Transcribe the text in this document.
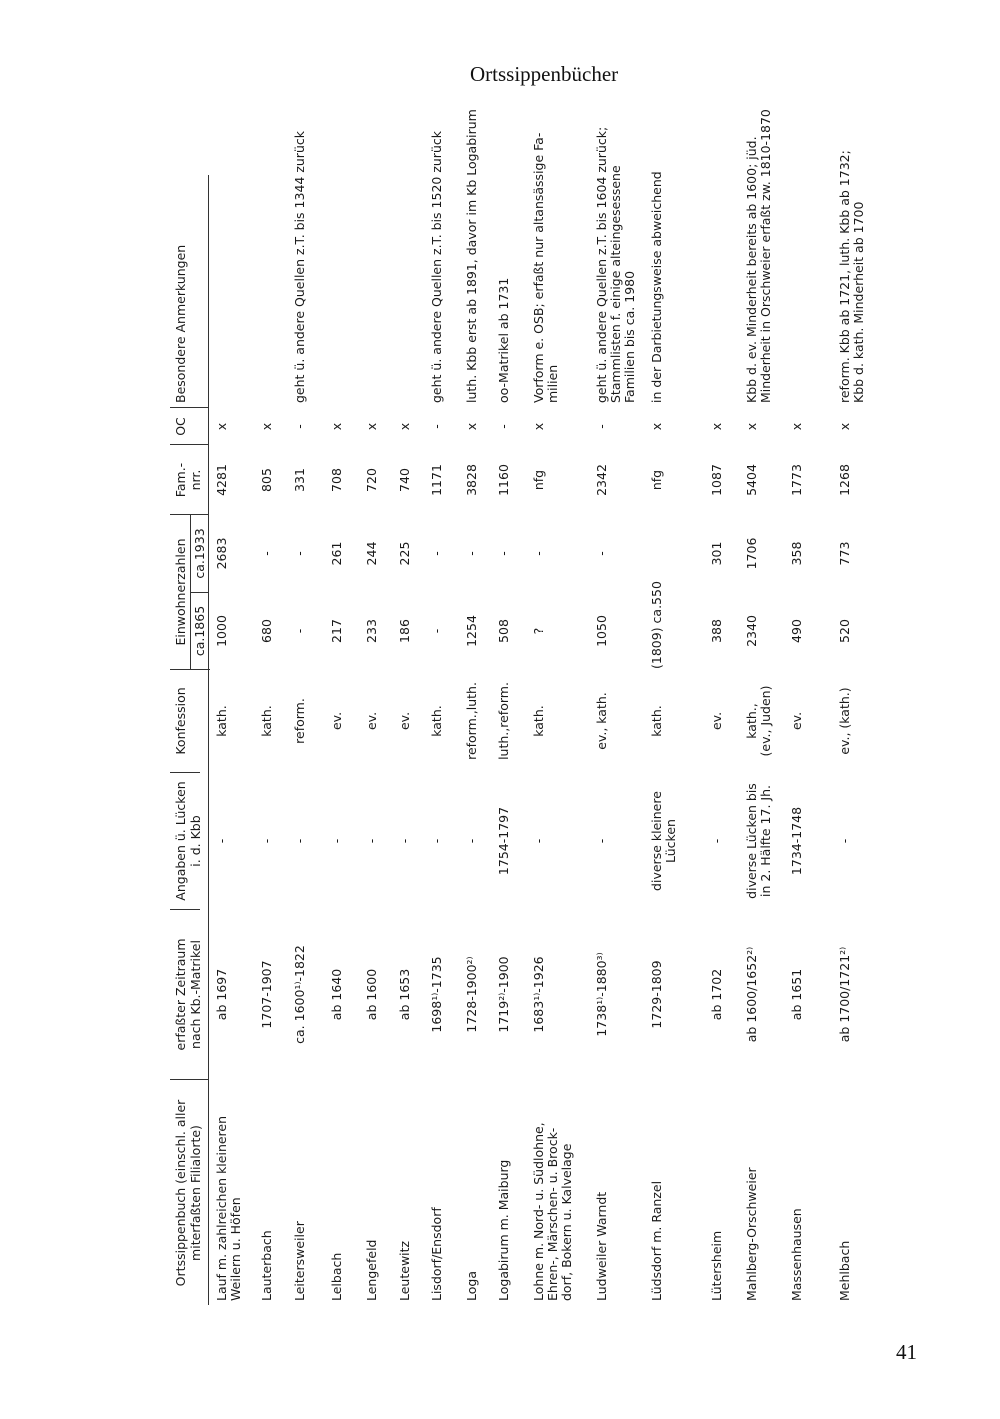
Ortssippenbücher
Ortssippenbuch (einschl. aller miterfaßten Filialorte)
erfaßter Zeitraum nach Kb.-Matrikel
Angaben ü. Lücken i. d. Kbb
Konfession
Einwohnerzahlen ca.1865
ca.1933
Fam.- nrr.
OC
Besondere Anmerkungen
Lauf m. zahlreichen kleineren Weilern u. Höfen
ab 1697
-
kath.
1000
2683
4281
x
Lauterbach
1707-1907
-
kath.
680
-
805
x
Leitersweiler
ca. 1600¹⁾-1822
-
reform.
-
-
331
-
geht ü. andere Quellen z.T. bis 1344 zurück
Lelbach
ab 1640
-
ev.
217
261
708
x
Lengefeld
ab 1600
-
ev.
233
244
720
x
Leutewitz
ab 1653
-
ev.
186
225
740
x
Lisdorf/Ensdorf
1698¹⁾-1735
-
kath.
-
-
1171
-
geht ü. andere Quellen z.T. bis 1520 zurück
Loga
1728-1900²⁾
-
reform.,luth.
1254
-
3828
x
luth. Kbb erst ab 1891, davor im Kb Logabirum
Logabirum m. Maiburg
1719²⁾-1900
1754-1797
luth.,reform.
508
-
1160
-
oo-Matrikel ab 1731
Lohne m. Nord- u. Südlohne, Ehren-, Märschen- u. Brock- dorf, Bokern u. Kalvelage
1683¹⁾-1926
-
kath.
?
-
nfg
x
Vorform e. OSB; erfaßt nur altansässige Fa- milien
Ludweiler Warndt
1738¹⁾-1880³⁾
-
ev., kath.
1050
-
2342
-
geht ü. andere Quellen z.T. bis 1604 zurück; Stammlisten f. einige alteingesessene Familien bis ca. 1980
Lüdsdorf m. Ranzel
1729-1809
diverse kleinere Lücken
kath.
(1809) ca.550
nfg
x
in der Darbietungsweise abweichend
Lütersheim
ab 1702
-
ev.
388
301
1087
x
Mahlberg-Orschweier
ab 1600/1652²⁾
diverse Lücken bis in 2. Hälfte 17. Jh.
kath., (ev., Juden)
2340
1706
5404
x
Kbb d. ev. Minderheit bereits ab 1600; jüd. Minderheit in Orschweier erfaßt zw. 1810-1870
Massenhausen
ab 1651
1734-1748
ev.
490
358
1773
x
Mehlbach
ab 1700/1721²⁾
-
ev., (kath.)
520
773
1268
x
reform. Kbb ab 1721, luth. Kbb ab 1732; Kbb d. kath. Minderheit ab 1700
41
